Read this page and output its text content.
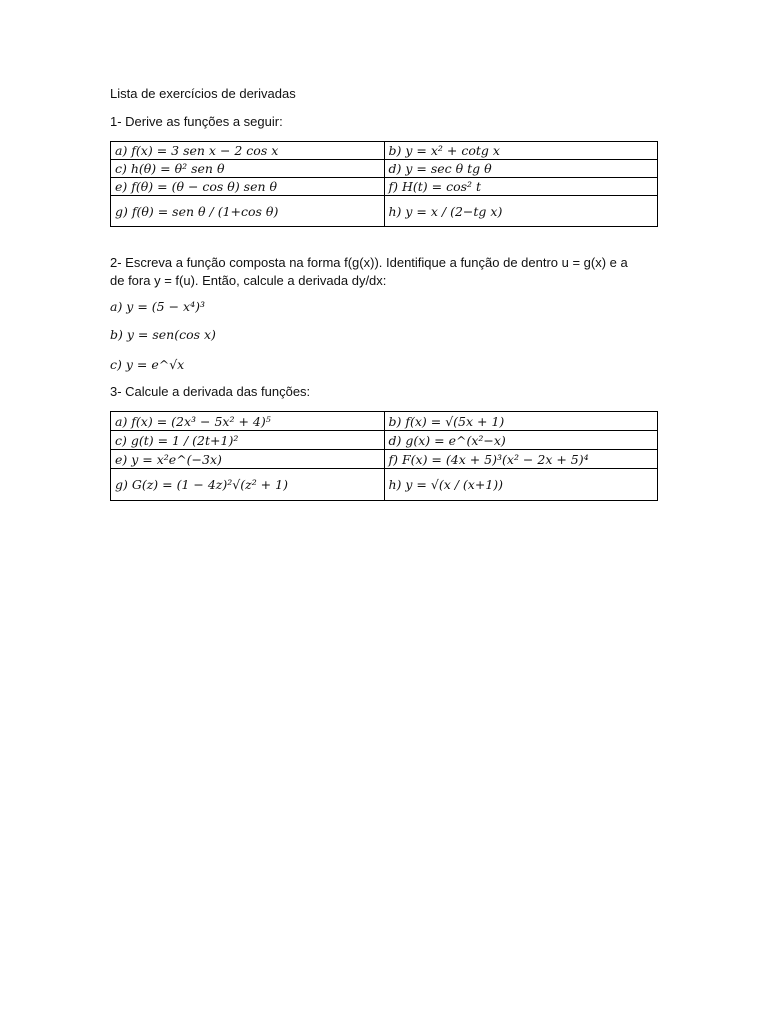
Lista de exercícios de derivadas
1- Derive as funções a seguir:
a) f(x) = 3 sen x − 2 cos x	b) y = x² + cotg x
c) h(θ) = θ² sen θ	d) y = sec θ tg θ
e) f(θ) = (θ − cos θ) sen θ	f) H(t) = cos² t
g) f(θ) = sen θ / (1+cos θ)	h) y = x / (2−tg x)
2- Escreva a função composta na forma f(g(x)). Identifique a função de dentro u = g(x) e a
de fora y = f(u). Então, calcule a derivada dy/dx:
a) y = (5 − x⁴)³
b) y = sen(cos x)
c) y = e^√x
3- Calcule a derivada das funções:
a) f(x) = (2x³ − 5x² + 4)⁵	b) f(x) = √(5x + 1)
c) g(t) = 1 / (2t+1)²	d) g(x) = e^(x²−x)
e) y = x²e^(−3x)	f) F(x) = (4x + 5)³(x² − 2x + 5)⁴
g) G(z) = (1 − 4z)²√(z² + 1)	h) y = √(x / (x+1))
